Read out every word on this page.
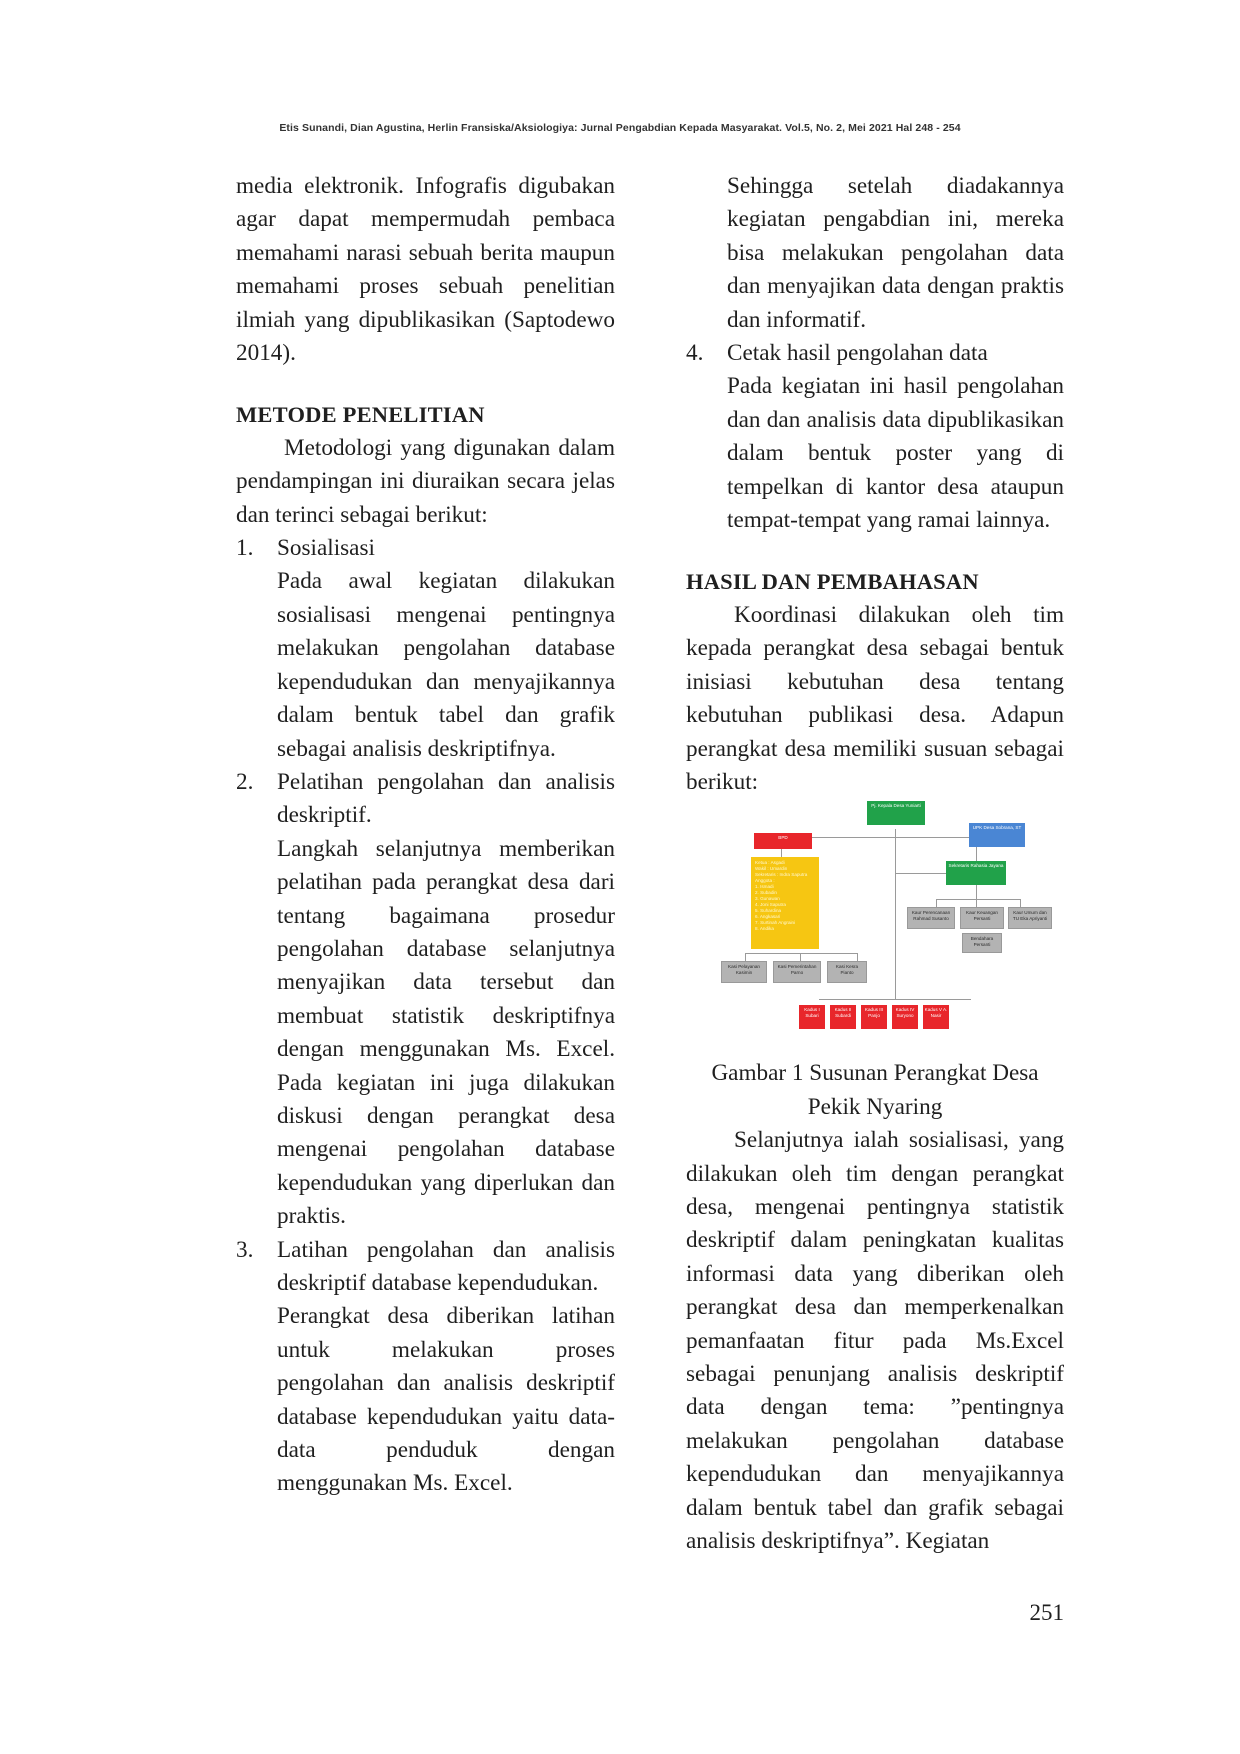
Etis Sunandi, Dian Agustina, Herlin Fransiska/Aksiologiya: Jurnal Pengabdian Kepada Masyarakat. Vol.5, No. 2, Mei 2021 Hal 248 - 254

media elektronik. Infografis digubakan agar dapat mempermudah pembaca memahami narasi sebuah berita maupun memahami proses sebuah penelitian ilmiah yang dipublikasikan (Saptodewo 2014).

METODE PENELITIAN

Metodologi yang digunakan dalam pendampingan ini diuraikan secara jelas dan terinci sebagai berikut:

1. Sosialisasi

Pada awal kegiatan dilakukan sosialisasi mengenai pentingnya melakukan pengolahan database kependudukan dan menyajikannya dalam bentuk tabel dan grafik sebagai analisis deskriptifnya.

2. Pelatihan pengolahan dan analisis deskriptif.

Langkah selanjutnya memberikan pelatihan pada perangkat desa dari tentang bagaimana prosedur pengolahan database selanjutnya menyajikan data tersebut dan membuat statistik deskriptifnya dengan menggunakan Ms. Excel. Pada kegiatan ini juga dilakukan diskusi dengan perangkat desa mengenai pengolahan database kependudukan yang diperlukan dan praktis.

3. Latihan pengolahan dan analisis deskriptif database kependudukan.

Perangkat desa diberikan latihan untuk melakukan proses pengolahan dan analisis deskriptif database kependudukan yaitu data-data penduduk dengan menggunakan Ms. Excel.

Sehingga setelah diadakannya kegiatan pengabdian ini, mereka bisa melakukan pengolahan data dan menyajikan data dengan praktis dan informatif.

4. Cetak hasil pengolahan data

Pada kegiatan ini hasil pengolahan dan dan analisis data dipublikasikan dalam bentuk poster yang di tempelkan di kantor desa ataupun tempat-tempat yang ramai lainnya.

HASIL DAN PEMBAHASAN

Koordinasi dilakukan oleh tim kepada perangkat desa sebagai bentuk inisiasi kebutuhan desa tentang kebutuhan publikasi desa. Adapun perangkat desa memiliki susuan sebagai berikut:

Pj. Kepala Desa Yuniarti
BPD
UPK Desa Sobrana, ST
Ketua : Asgadi
Wakil : Umardin
Sekretaris : Indra Saputra
Anggota :
1. Ismadi
2. Subadin
3. Gunawan
4. Joni Saputra
5. Suhardina
6. Angkasari
7. Surtinah Angraini
8. Andika
Sekretaris Rahasia Jayana
Kaur Perencanaan Rahmad Susanto
Kaur Keuangan Persanti
Kaur Umum dan TU Eka Apriyanti
Bendahara Persanti
Kasi Pelayanan Kasimin
Kasi Pemerintahan Parno
Kasi Kesra Pianto
Kadus I Subari
Kadus II Subardi
Kadus III Panjo
Kadus IV Suryono
Kadus V A. Nasir

Gambar 1 Susunan Perangkat Desa

Pekik Nyaring

Selanjutnya ialah sosialisasi, yang dilakukan oleh tim dengan perangkat desa, mengenai pentingnya statistik deskriptif dalam peningkatan kualitas informasi data yang diberikan oleh perangkat desa dan memperkenalkan pemanfaatan fitur pada Ms.Excel sebagai penunjang analisis deskriptif data dengan tema: ”pentingnya melakukan pengolahan database kependudukan dan menyajikannya dalam bentuk tabel dan grafik sebagai analisis deskriptifnya”. Kegiatan

251
